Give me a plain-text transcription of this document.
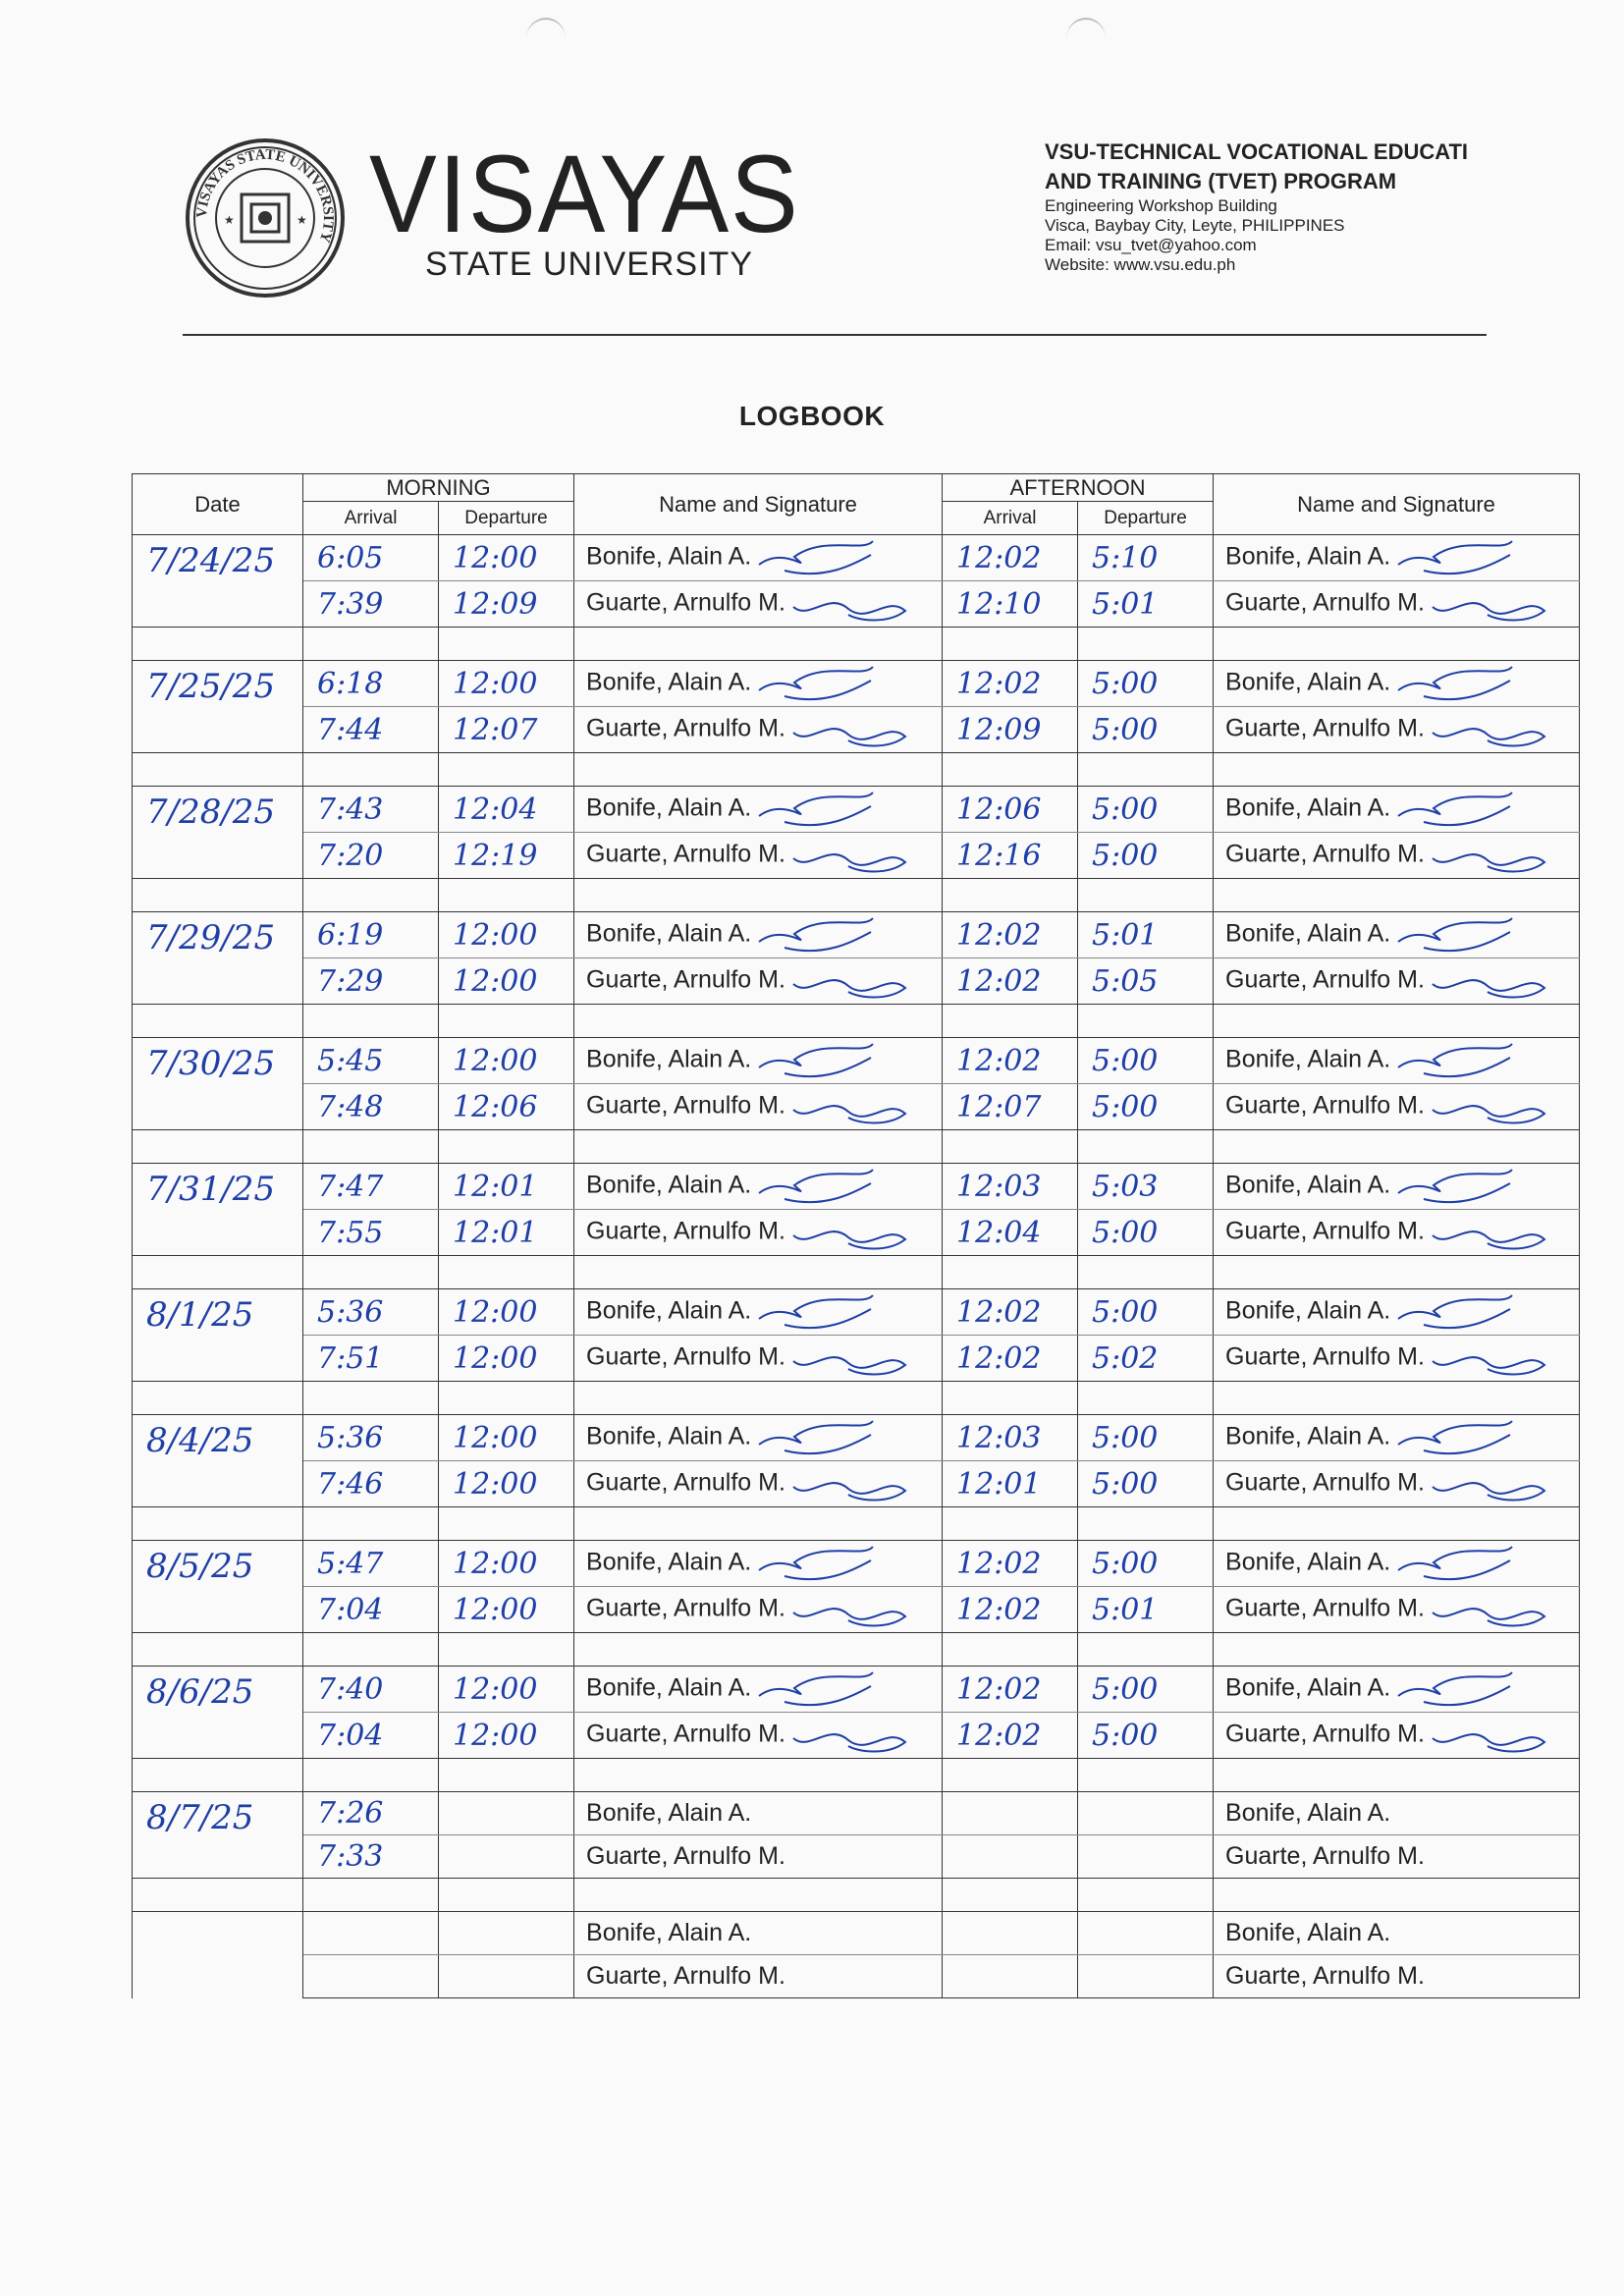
VISAYAS STATE UNIVERSITY
★	★ VISAYAS
STATE UNIVERSITY
VSU-TECHNICAL VOCATIONAL EDUCATI
AND TRAINING (TVET) PROGRAM
Engineering Workshop Building
Visca, Baybay City, Leyte, PHILIPPINES
Email: vsu_tvet@yahoo.com
Website: www.vsu.edu.ph
LOGBOOK
Date	MORNING		Name and Signature	AFTERNOON		Name and Signature
	Arrival	Departure		Arrival	Departure	
7/24/25	6:05	12:00	Bonife, Alain A.	12:02	5:10	Bonife, Alain A.
	7:39	12:09	Guarte, Arnulfo M.	12:10	5:01	Guarte, Arnulfo M.

7/25/25	6:18	12:00	Bonife, Alain A.	12:02	5:00	Bonife, Alain A.
	7:44	12:07	Guarte, Arnulfo M.	12:09	5:00	Guarte, Arnulfo M.

7/28/25	7:43	12:04	Bonife, Alain A.	12:06	5:00	Bonife, Alain A.
	7:20	12:19	Guarte, Arnulfo M.	12:16	5:00	Guarte, Arnulfo M.

7/29/25	6:19	12:00	Bonife, Alain A.	12:02	5:01	Bonife, Alain A.
	7:29	12:00	Guarte, Arnulfo M.	12:02	5:05	Guarte, Arnulfo M.

7/30/25	5:45	12:00	Bonife, Alain A.	12:02	5:00	Bonife, Alain A.
	7:48	12:06	Guarte, Arnulfo M.	12:07	5:00	Guarte, Arnulfo M.

7/31/25	7:47	12:01	Bonife, Alain A.	12:03	5:03	Bonife, Alain A.
	7:55	12:01	Guarte, Arnulfo M.	12:04	5:00	Guarte, Arnulfo M.

8/1/25	5:36	12:00	Bonife, Alain A.	12:02	5:00	Bonife, Alain A.
	7:51	12:00	Guarte, Arnulfo M.	12:02	5:02	Guarte, Arnulfo M.

8/4/25	5:36	12:00	Bonife, Alain A.	12:03	5:00	Bonife, Alain A.
	7:46	12:00	Guarte, Arnulfo M.	12:01	5:00	Guarte, Arnulfo M.

8/5/25	5:47	12:00	Bonife, Alain A.	12:02	5:00	Bonife, Alain A.
	7:04	12:00	Guarte, Arnulfo M.	12:02	5:01	Guarte, Arnulfo M.

8/6/25	7:40	12:00	Bonife, Alain A.	12:02	5:00	Bonife, Alain A.
	7:04	12:00	Guarte, Arnulfo M.	12:02	5:00	Guarte, Arnulfo M.

8/7/25	7:26		Bonife, Alain A.			Bonife, Alain A.
	7:33		Guarte, Arnulfo M.			Guarte, Arnulfo M.

			Bonife, Alain A.			Bonife, Alain A.
			Guarte, Arnulfo M.			Guarte, Arnulfo M.
